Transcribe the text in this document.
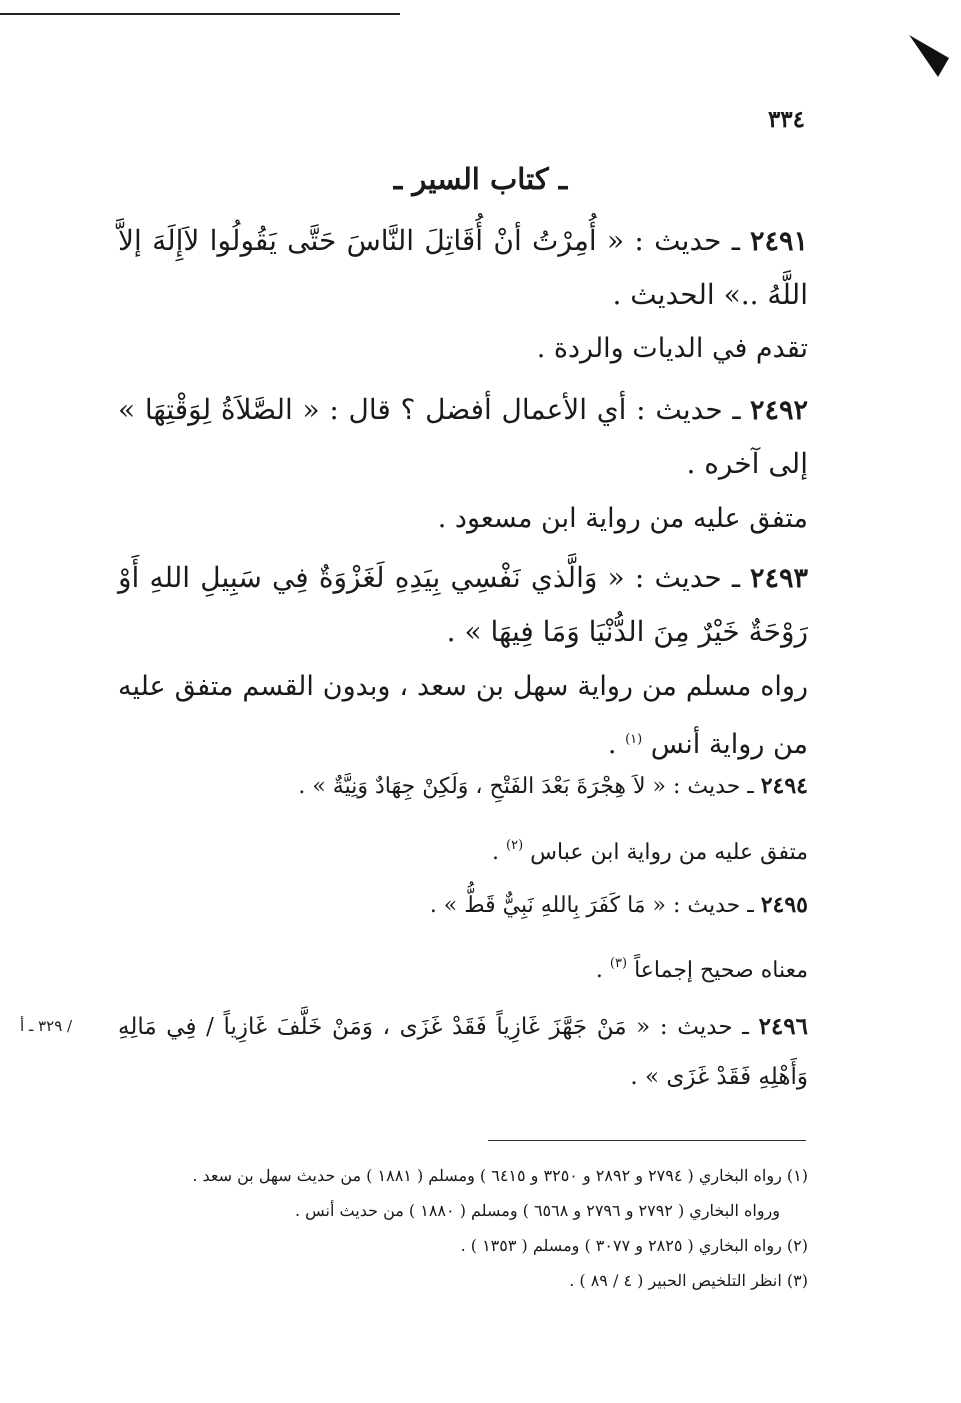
٣٣٤
ـ كتاب السير ـ
٢٤٩١ ـ حديث : « أُمِرْتُ أنْ أُقَاتِلَ النَّاسَ حَتَّى يَقُولُوا لاَإِلَهَ إلاَّ اللَّهُ ..» الحديث .
تقدم في الديات والردة .
٢٤٩٢ ـ حديث : أي الأعمال أفضل ؟ قال : « الصَّلاَةُ لِوَقْتِهَا » إلى آخره .
متفق عليه من رواية ابن مسعود .
٢٤٩٣ ـ حديث : « وَالَّذي نَفْسِي بِيَدِهِ لَغَزْوَةٌ فِي سَبِيلِ اللهِ أَوْ رَوْحَةٌ خَيْرٌ مِنَ الدُّنْيَا وَمَا فِيهَا » .
رواه مسلم من رواية سهل بن سعد ، وبدون القسم متفق عليه من رواية أنس $^{(١)}$ .
٢٤٩٤ ـ حديث : « لاَ هِجْرَةَ بَعْدَ الفَتْحِ ، وَلَكِنْ جِهَادٌ وَنِيَّةٌ » .
متفق عليه من رواية ابن عباس $^{(٢)}$ .
٢٤٩٥ ـ حديث : « مَا كَفَرَ بِاللهِ نَبِيٌّ قَطُّ » .
معناه صحيح إجماعاً $^{(٣)}$ .
٢٤٩٦ ـ حديث : « مَنْ جَهَّزَ غَازِياً فَقَدْ غَزَى ، وَمَنْ خَلَّفَ غَازِياً / فِي مَالِهِ وَأَهْلِهِ فَقَدْ غَزَى » .
/ ٣٢٩ ـ أ
(١) رواه البخاري ( ٢٧٩٤ و ٢٨٩٢ و ٣٢٥٠ و ٦٤١٥ ) ومسلم ( ١٨٨١ ) من حديث سهل بن سعد .
ورواه البخاري ( ٢٧٩٢ و ٢٧٩٦ و ٦٥٦٨ ) ومسلم ( ١٨٨٠ ) من حديث أنس .
(٢) رواه البخاري ( ٢٨٢٥ و ٣٠٧٧ ) ومسلم ( ١٣٥٣ ) .
(٣) انظر التلخيص الحبير ( ٤ / ٨٩ ) .
